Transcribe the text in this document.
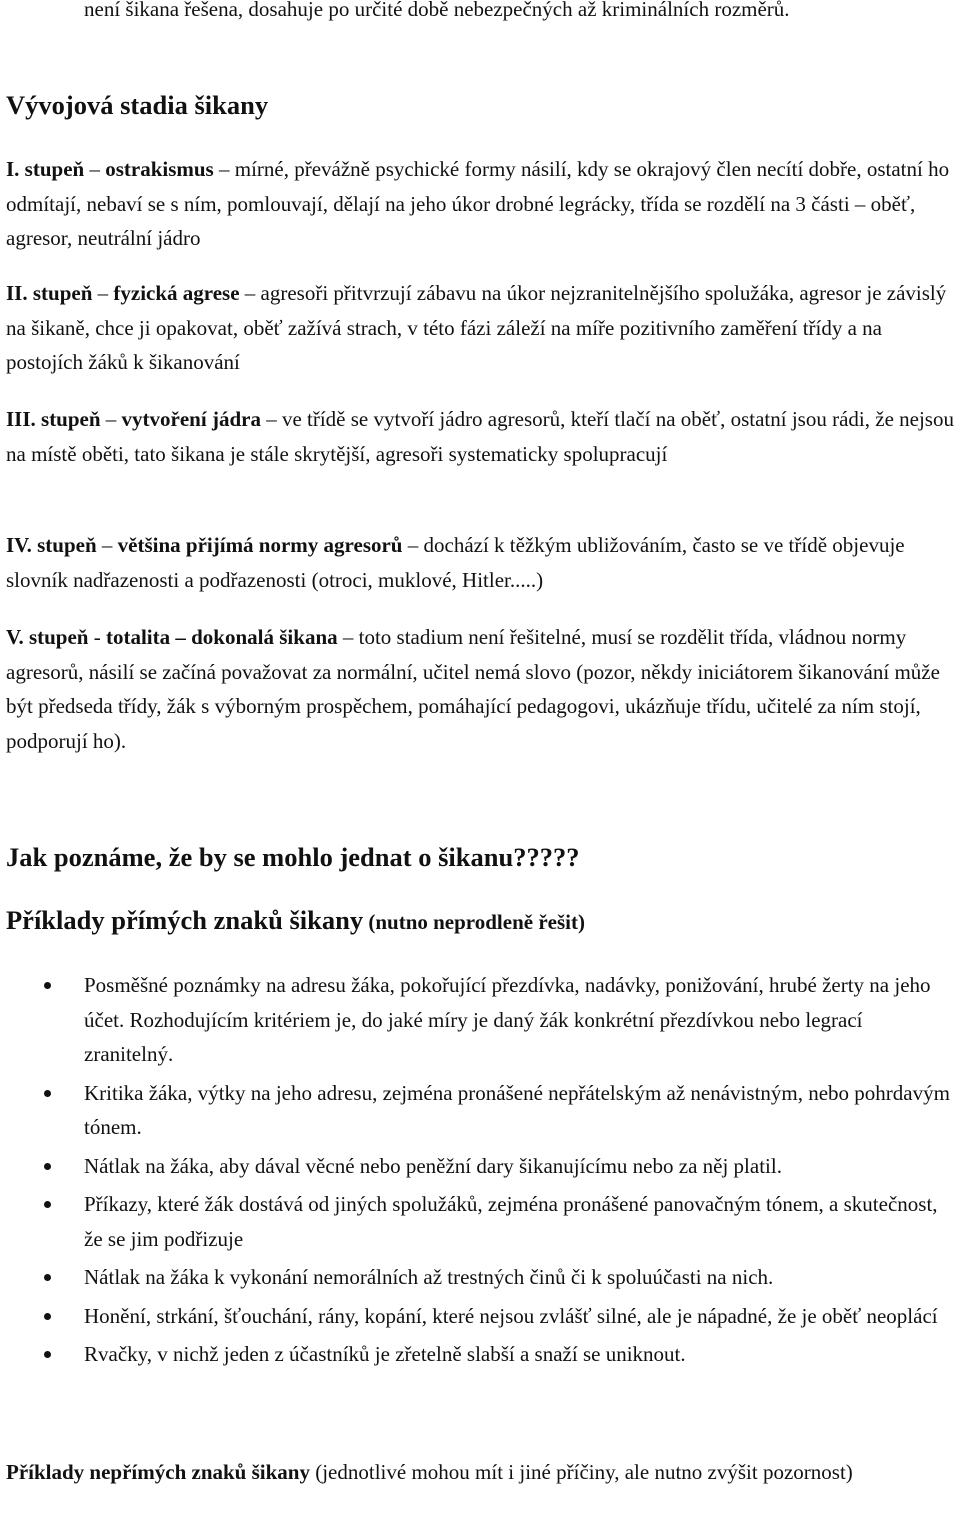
není šikana řešena, dosahuje po určité době nebezpečných až kriminálních rozměrů.

Vývojová stadia šikany

I. stupeň – ostrakismus – mírné, převážně psychické formy násilí, kdy se okrajový člen necítí dobře, ostatní ho odmítají, nebaví se s ním, pomlouvají, dělají na jeho úkor drobné legrácky, třída se rozdělí na 3 části – oběť, agresor, neutrální jádro

II. stupeň – fyzická agrese – agresoři přitvrzují zábavu na úkor nejzranitelnějšího spolužáka, agresor je závislý na šikaně, chce ji opakovat, oběť zažívá strach, v této fázi záleží na míře pozitivního zaměření třídy a na postojích žáků k šikanování

III. stupeň – vytvoření jádra – ve třídě se vytvoří jádro agresorů, kteří tlačí na oběť, ostatní jsou rádi, že nejsou na místě oběti, tato šikana je stále skrytější, agresoři systematicky spolupracují

IV. stupeň – většina přijímá normy agresorů – dochází k těžkým ubližováním, často se ve třídě objevuje slovník nadřazenosti a podřazenosti (otroci, muklové, Hitler.....)

V. stupeň - totalita – dokonalá šikana – toto stadium není řešitelné, musí se rozdělit třída, vládnou normy agresorů, násilí se začíná považovat za normální, učitel nemá slovo (pozor, někdy iniciátorem šikanování může být předseda třídy, žák s výborným prospěchem, pomáhající pedagogovi, ukázňuje třídu, učitelé za ním stojí, podporují ho).

Jak poznáme, že by se mohlo jednat o šikanu?????
Příklady přímých znaků šikany (nutno neprodleně řešit)
Posměšné poznámky na adresu žáka, pokořující přezdívka, nadávky, ponižování, hrubé žerty na jeho účet. Rozhodujícím kritériem je, do jaké míry je daný žák konkrétní přezdívkou nebo legrací zranitelný.
Kritika žáka, výtky na jeho adresu, zejména pronášené nepřátelským až nenávistným, nebo pohrdavým tónem.
Nátlak na žáka, aby dával věcné nebo peněžní dary šikanujícímu nebo za něj platil.
Příkazy, které žák dostává od jiných spolužáků, zejména pronášené panovačným tónem, a skutečnost, že se jim podřizuje
Nátlak na žáka k vykonání nemorálních až trestných činů či k spoluúčasti na nich.
Honění, strkání, šťouchání, rány, kopání, které nejsou zvlášť silné, ale je nápadné, že je oběť neoplácí
Rvačky, v nichž jeden z účastníků je zřetelně slabší a snaží se uniknout.

Příklady nepřímých znaků šikany (jednotlivé mohou mít i jiné příčiny, ale nutno zvýšit pozornost)
